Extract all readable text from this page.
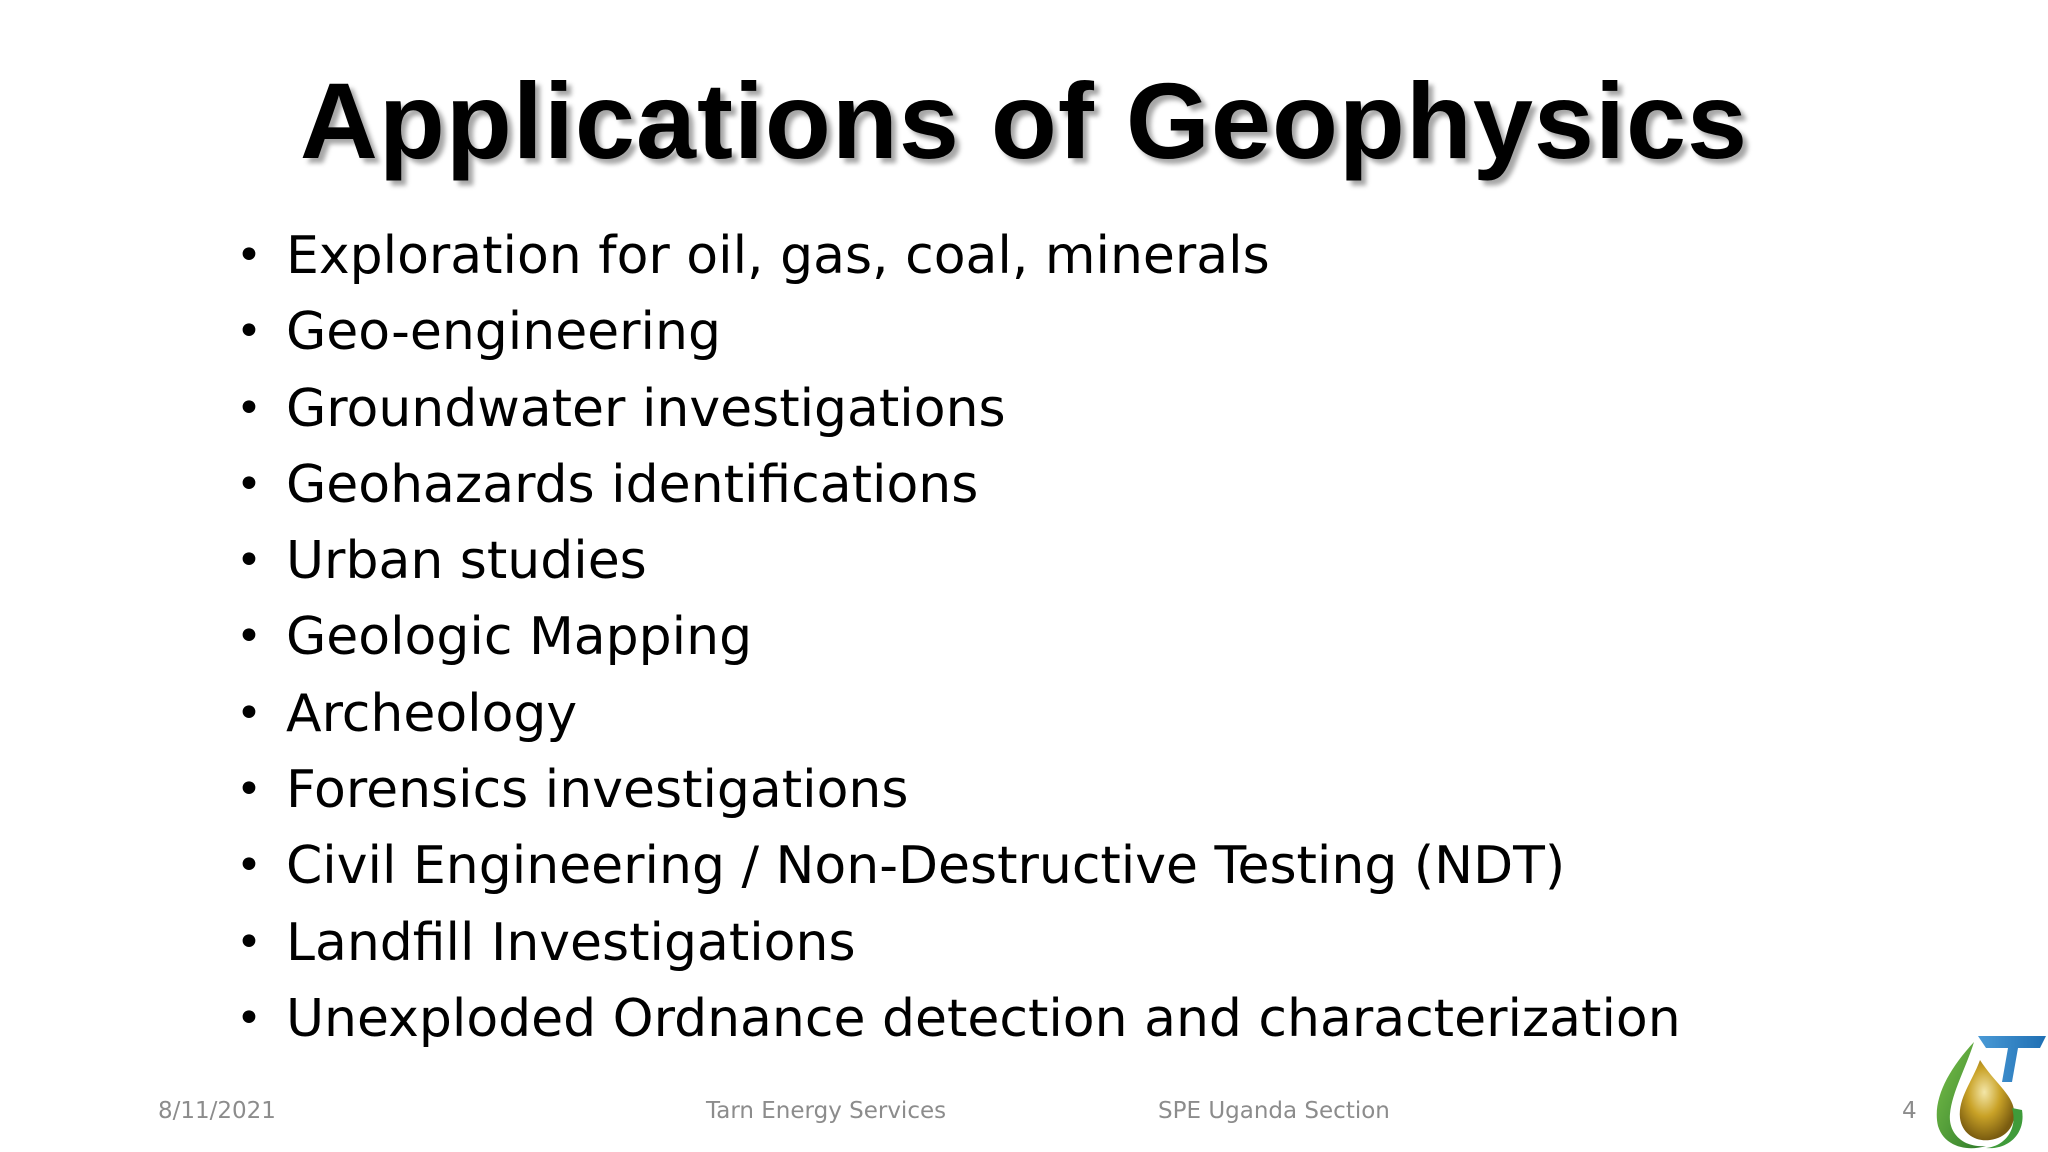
Applications of Geophysics
• Exploration for oil, gas, coal, minerals
• Geo-engineering
• Groundwater investigations
• Geohazards identifications
• Urban studies
• Geologic Mapping
• Archeology
• Forensics investigations
• Civil Engineering / Non-Destructive Testing (NDT)
• Landfill Investigations
• Unexploded Ordnance detection and characterization
8/11/2021	Tarn Energy Services	SPE Uganda Section	4
